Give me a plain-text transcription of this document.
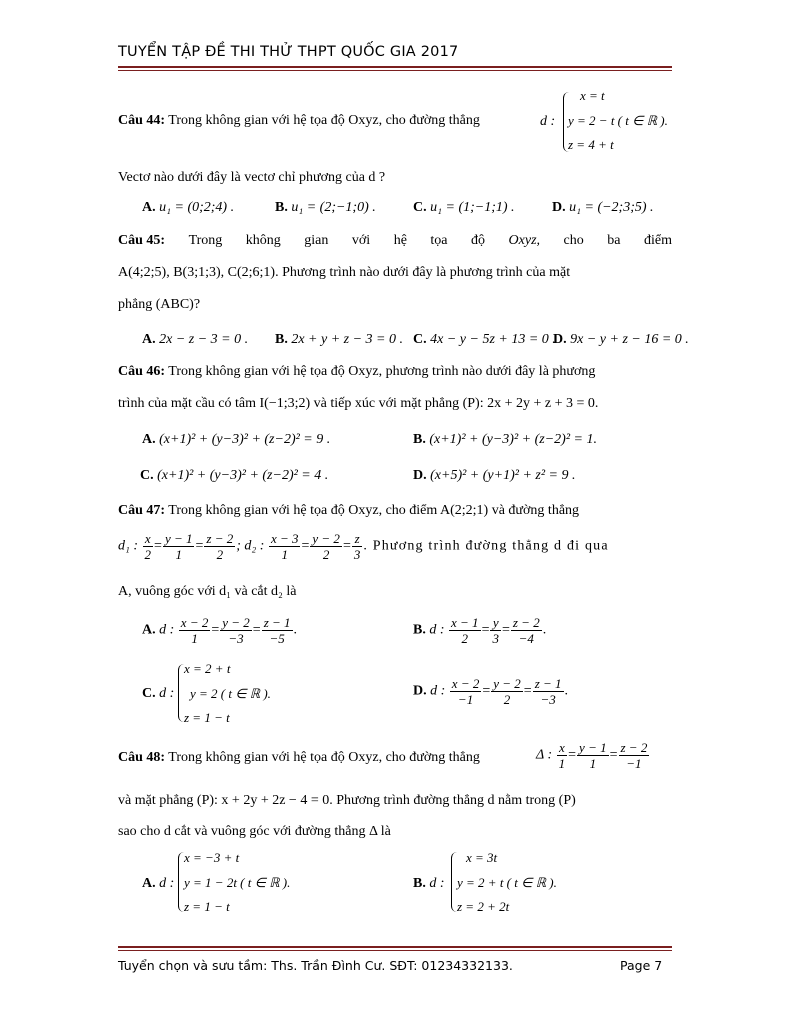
TUYỂN TẬP ĐỀ THI THỬ THPT QUỐC GIA 2017
Câu 44: Trong không gian với hệ tọa độ Oxyz, cho đường thẳng	d :
x = t
y = 2 − t ( t ∈ ℝ ).
z = 4 + t
Vectơ nào dưới đây là vectơ chỉ phương của d ?
A. u₁ = (0;2;4) .	B. u₁ = (2;−1;0) .	C. u₁ = (1;−1;1) .	D. u₁ = (−2;3;5) .
Câu 45: Trong không gian với hệ tọa độ Oxyz, cho ba điểm
A(4;2;5), B(3;1;3), C(2;6;1). Phương trình nào dưới đây là phương trình của mặt
phẳng (ABC)?
A. 2x − z − 3 = 0 . B. 2x + y + z − 3 = 0 . C. 4x − y − 5z + 13 = 0 .
D. 9x − y + z − 16 = 0 .
Câu 46: Trong không gian với hệ tọa độ Oxyz, phương trình nào dưới đây là phương
trình của mặt cầu có tâm I(−1;3;2) và tiếp xúc với mặt phẳng (P): 2x + 2y + z + 3 = 0.
A. (x+1)² + (y−3)² + (z−2)² = 9 .	B. (x+1)² + (y−3)² + (z−2)² = 1.
C. (x+1)² + (y−3)² + (z−2)² = 4 .	D. (x+5)² + (y+1)² + z² = 9 .
Câu 47: Trong không gian với hệ tọa độ Oxyz, cho điểm A(2;2;1) và đường thẳng
d₁ : $\frac{x}{2} = \frac{y - 1}{1} = \frac{z - 2}{2}$ ; d₂ : $\frac{x - 3}{1} = \frac{y - 2}{2} = \frac{z}{3}$ . Phương trình đường thẳng d đi qua
A, vuông góc với d₁ và cắt d₂ là
A. d : $\frac{x - 2}{1} = \frac{y - 2}{-3} = \frac{z - 1}{-5}$ .	B. d : $\frac{x - 1}{2} = \frac{y}{3} = \frac{z - 2}{-4}$ .
C. d :
x = 2 + t
y = 2 ( t ∈ ℝ ).
z = 1 − t
D. d : $\frac{x - 2}{-1} = \frac{y - 2}{2} = \frac{z - 1}{-3}$ .
Câu 48: Trong không gian với hệ tọa độ Oxyz, cho đường thẳng	Δ : $\frac{x}{1} = \frac{y - 1}{1} = \frac{z - 2}{-1}$
và mặt phẳng (P): x + 2y + 2z − 4 = 0. Phương trình đường thẳng d nằm trong (P)
sao cho d cắt và vuông góc với đường thẳng Δ là
A. d :
x = −3 + t
y = 1 − 2t ( t ∈ ℝ ).
z = 1 − t
B. d :
x = 3t
y = 2 + t ( t ∈ ℝ ).
z = 2 + 2t
Tuyển chọn và sưu tầm: Ths. Trần Đình Cư. SĐT: 01234332133.	Page 7
